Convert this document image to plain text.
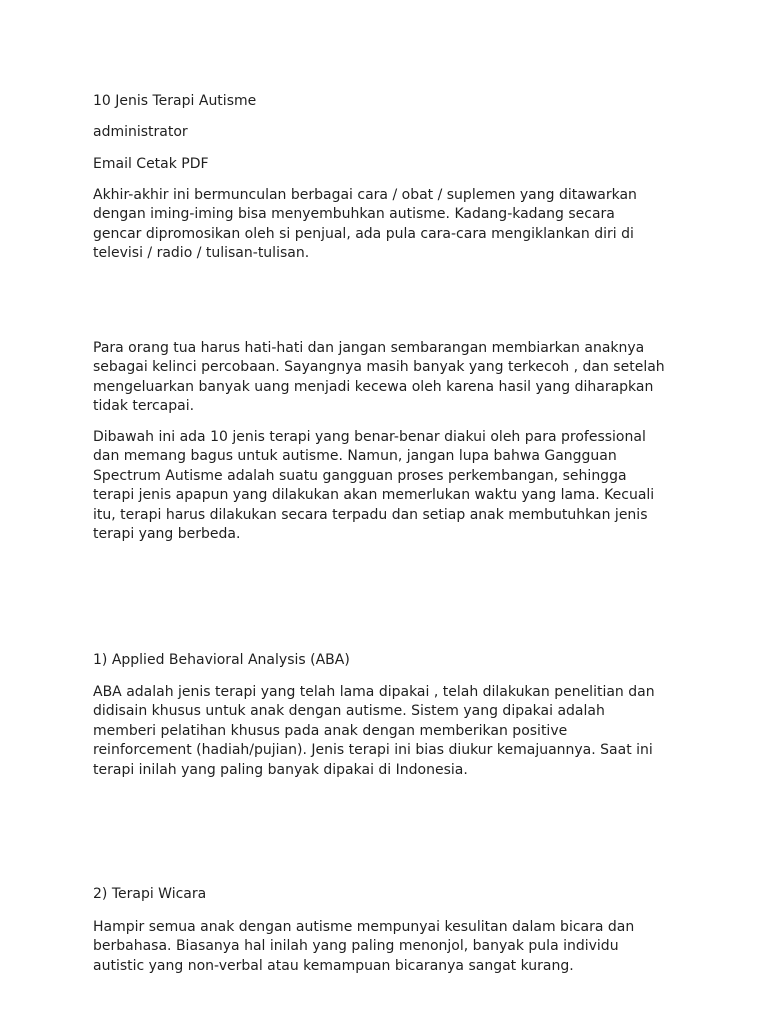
10 Jenis Terapi Autisme
administrator
Email Cetak PDF
Akhir-akhir ini bermunculan berbagai cara / obat / suplemen yang ditawarkan
dengan iming-iming bisa menyembuhkan autisme. Kadang-kadang secara
gencar dipromosikan oleh si penjual, ada pula cara-cara mengiklankan diri di
televisi / radio / tulisan-tulisan.
Para orang tua harus hati-hati dan jangan sembarangan membiarkan anaknya
sebagai kelinci percobaan. Sayangnya masih banyak yang terkecoh , dan setelah
mengeluarkan banyak uang menjadi kecewa oleh karena hasil yang diharapkan
tidak tercapai.
Dibawah ini ada 10 jenis terapi yang benar-benar diakui oleh para professional
dan memang bagus untuk autisme. Namun, jangan lupa bahwa Gangguan
Spectrum Autisme adalah suatu gangguan proses perkembangan, sehingga
terapi jenis apapun yang dilakukan akan memerlukan waktu yang lama. Kecuali
itu, terapi harus dilakukan secara terpadu dan setiap anak membutuhkan jenis
terapi yang berbeda.
1) Applied Behavioral Analysis (ABA)
ABA adalah jenis terapi yang telah lama dipakai , telah dilakukan penelitian dan
didisain khusus untuk anak dengan autisme. Sistem yang dipakai adalah
memberi pelatihan khusus pada anak dengan memberikan positive
reinforcement (hadiah/pujian). Jenis terapi ini bias diukur kemajuannya. Saat ini
terapi inilah yang paling banyak dipakai di Indonesia.
2) Terapi Wicara
Hampir semua anak dengan autisme mempunyai kesulitan dalam bicara dan
berbahasa. Biasanya hal inilah yang paling menonjol, banyak pula individu
autistic yang non-verbal atau kemampuan bicaranya sangat kurang.
